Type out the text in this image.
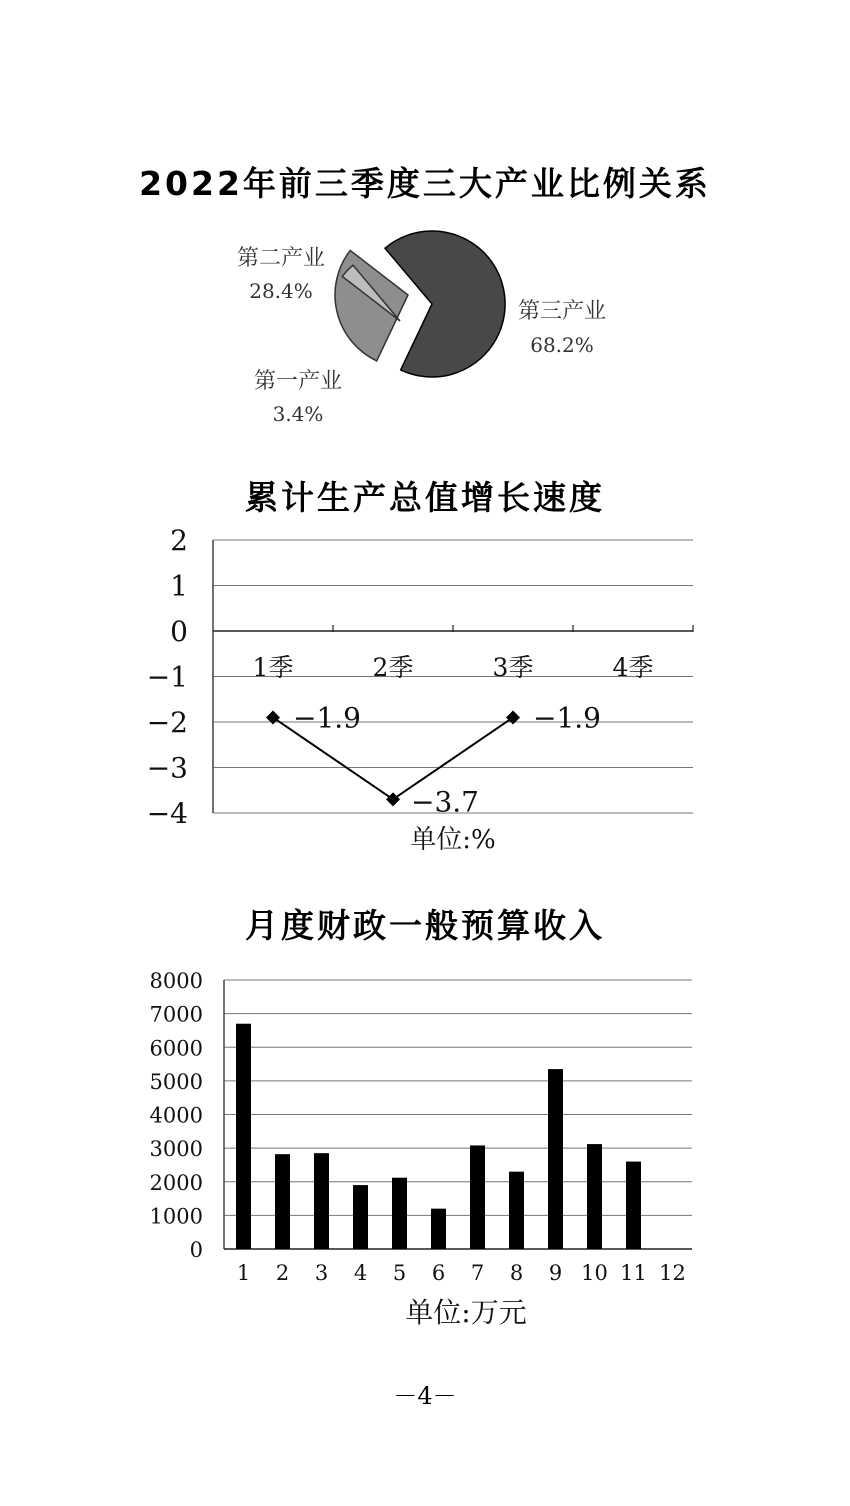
2022年前三季度三大产业比例关系
第二产业
28.4%
第三产业
68.2%
第一产业
3.4%
累计生产总值增长速度
2
1
0
−1
−2
−3
−4
1季	2季	3季	4季
−1.9
−3.7
−1.9
单位:%
月度财政一般预算收入
8000
7000
6000
5000
4000
3000
2000
1000
0
1 2 3 4 5 6 7 8 9 10 11 12
单位:万元
－4－
